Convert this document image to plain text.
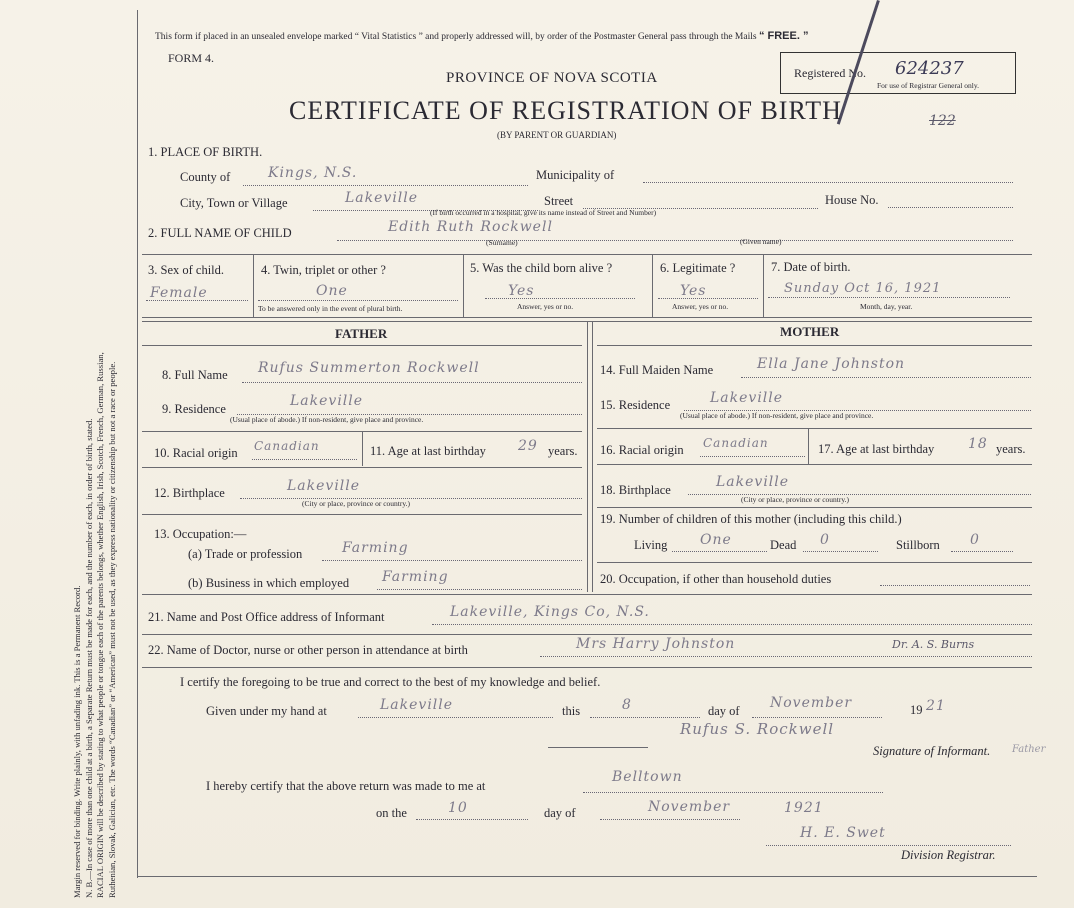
Margin reserved for binding. Write plainly, with unfading ink. This is a Permanent Record. N. B.—In case of more than one child at a birth, a Separate Return must be made for each, and the number of each, in order of birth, stated. RACIAL ORIGIN will be described by stating to what people or tongue each of the parents belongs, whether English, Irish, Scotch, French, German, Russian, Ruthenian, Slovak, Galician, etc. The words “Canadian” or “American” must not be used, as they express nationality or citizenship but not a race or people.
This form if placed in an unsealed envelope marked “ Vital Statistics ” and properly addressed will, by order of the Postmaster General pass through the Mails “ FREE. ”
FORM 4.
Registered No. 624237
For use of Registrar General only.
PROVINCE OF NOVA SCOTIA
CERTIFICATE OF REGISTRATION OF BIRTH
(BY PARENT OR GUARDIAN)
122
1. PLACE OF BIRTH.
County of	Kings, N.S.	Municipality of
City, Town or Village	Lakeville	Street	House No.
(If birth occurred in a hospital, give its name instead of Street and Number)
2. FULL NAME OF CHILD	Edith Ruth Rockwell
(Surname)	(Given name)
3. Sex of child.
Female
4. Twin, triplet or other ?
One
To be answered only in the event of plural birth.
5. Was the child born alive ?
Yes
Answer, yes or no.
6. Legitimate ?
Yes
Answer, yes or no.
7. Date of birth.
Sunday Oct 16, 1921
Month, day, year.
FATHER	MOTHER
8. Full Name Rufus Summerton Rockwell
9. Residence	Lakeville
(Usual place of abode.) If non-resident, give place and province.
10. Racial origin Canadian	11. Age at last birthday 29 years.
12. Birthplace	Lakeville
(City or place, province or country.)
13. Occupation:—
(a) Trade or profession	Farming
(b) Business in which employed Farming
14. Full Maiden Name	Ella Jane Johnston
15. Residence	Lakeville
(Usual place of abode.) If non-resident, give place and province.
16. Racial origin Canadian	17. Age at last birthday 18 years.
18. Birthplace	Lakeville
(City or place, province or country.)
19. Number of children of this mother (including this child.)
Living One	Dead 0	Stillborn 0
20. Occupation, if other than household duties
21. Name and Post Office address of Informant	Lakeville, Kings Co, N.S.
22. Name of Doctor, nurse or other person in attendance at birth	Mrs Harry Johnston	Dr. A. S. Burns
I certify the foregoing to be true and correct to the best of my knowledge and belief.
Given under my hand at	Lakeville	this	8	day of November	19 21
Rufus S. Rockwell
Signature of Informant. Father
I hereby certify that the above return was made to me at
Belltown
on the	10	day of	November	1921
H. E. Swet
Division Registrar.
